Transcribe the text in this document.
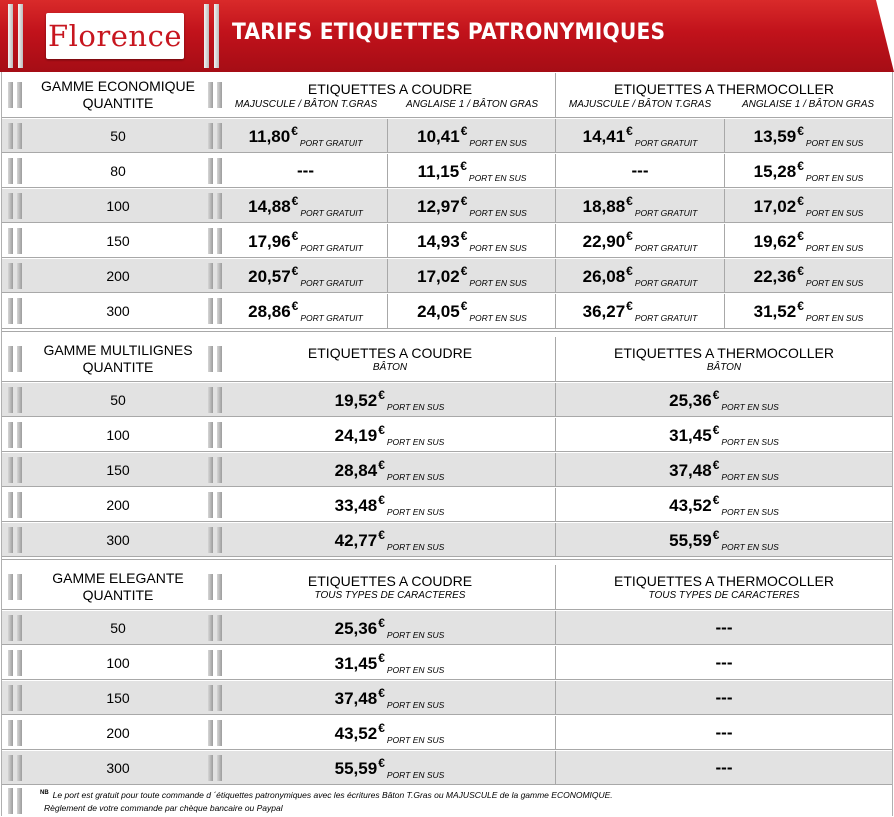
Florence TARIFS ETIQUETTES PATRONYMIQUES
GAMME ECONOMIQUE
QUANTITE
ETIQUETTES A COUDRE
MAJUSCULE / BÂTON T.GRAS	ANGLAISE 1 / BÂTON GRAS
ETIQUETTES A THERMOCOLLER
MAJUSCULE / BÂTON T.GRAS	ANGLAISE 1 / BÂTON GRAS
50	$11,80^€_{PORT GRATUIT}$	$10,41^€_{PORT EN SUS}$	$14,41^€_{PORT GRATUIT}$	$13,59^€_{PORT EN SUS}$
80	---	$11,15^€_{PORT EN SUS}$	---	$15,28^€_{PORT EN SUS}$
100	$14,88^€_{PORT GRATUIT}$	$12,97^€_{PORT EN SUS}$	$18,88^€_{PORT GRATUIT}$	$17,02^€_{PORT EN SUS}$
150	$17,96^€_{PORT GRATUIT}$	$14,93^€_{PORT EN SUS}$	$22,90^€_{PORT GRATUIT}$	$19,62^€_{PORT EN SUS}$
200	$20,57^€_{PORT GRATUIT}$	$17,02^€_{PORT EN SUS}$	$26,08^€_{PORT GRATUIT}$	$22,36^€_{PORT EN SUS}$
300	$28,86^€_{PORT GRATUIT}$	$24,05^€_{PORT EN SUS}$	$36,27^€_{PORT GRATUIT}$	$31,52^€_{PORT EN SUS}$
GAMME MULTILIGNES
QUANTITE
ETIQUETTES A COUDRE
BÂTON
ETIQUETTES A THERMOCOLLER
BÂTON
50	$19,52^€_{PORT EN SUS}$	$25,36^€_{PORT EN SUS}$
100	$24,19^€_{PORT EN SUS}$	$31,45^€_{PORT EN SUS}$
150	$28,84^€_{PORT EN SUS}$	$37,48^€_{PORT EN SUS}$
200	$33,48^€_{PORT EN SUS}$	$43,52^€_{PORT EN SUS}$
300	$42,77^€_{PORT EN SUS}$	$55,59^€_{PORT EN SUS}$
GAMME ELEGANTE
QUANTITE
ETIQUETTES A COUDRE
TOUS TYPES DE CARACTERES
ETIQUETTES A THERMOCOLLER
TOUS TYPES DE CARACTERES
50	$25,36^€_{PORT EN SUS}$	---
100	$31,45^€_{PORT EN SUS}$	---
150	$37,48^€_{PORT EN SUS}$	---
200	$43,52^€_{PORT EN SUS}$	---
300	$55,59^€_{PORT EN SUS}$	---
$^{NB}$ Le port est gratuit pour toute commande d ´étiquettes patronymiques avec les écritures Bâton T.Gras ou MAJUSCULE de la gamme ECONOMIQUE.
Règlement de votre commande par chèque bancaire ou Paypal
